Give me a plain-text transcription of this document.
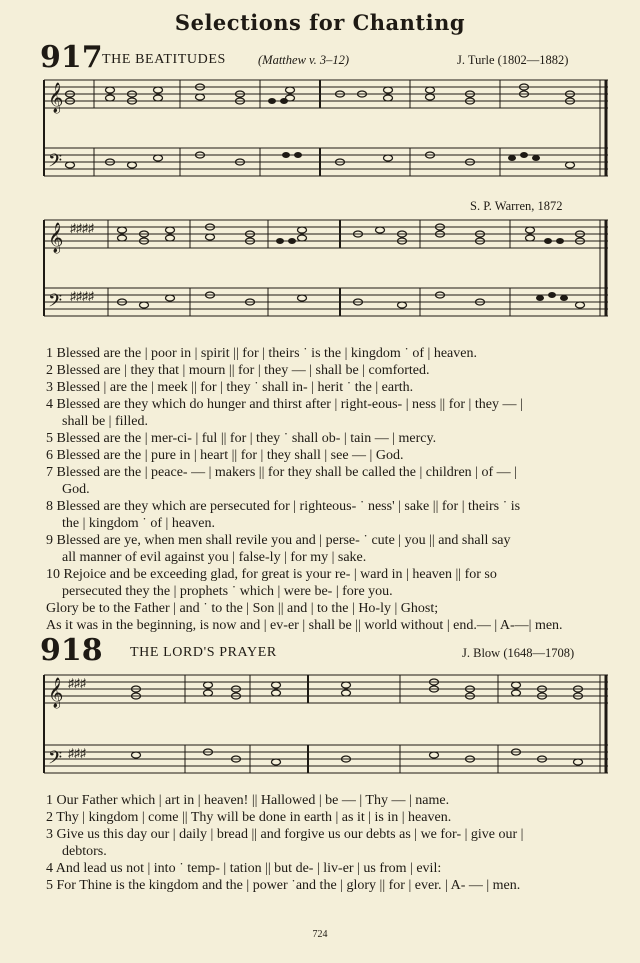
Selections for Chanting
917 THE BEATITUDES	(Matthew v. 3–12)	J. Turle (1802—1882)
S. P. Warren, 1872
𝄞
𝄢
𝄞
𝄢
♯♯♯♯
♯♯♯♯
1 Blessed are the | poor in | spirit || for | theirs ˙ is the | kingdom ˙ of | heaven.
2 Blessed are | they that | mourn || for | they — | shall be | comforted.
3 Blessed | are the | meek || for | they ˙ shall in- | herit ˙ the | earth.
4 Blessed are they which do hunger and thirst after | right-eous- | ness || for | they — |
shall be | filled.
5 Blessed are the | mer-ci- | ful || for | they ˙ shall ob- | tain — | mercy.
6 Blessed are the | pure in | heart || for | they shall | see — | God.
7 Blessed are the | peace- — | makers || for they shall be called the | children | of — |
God.
8 Blessed are they which are persecuted for | righteous- ˙ ness' | sake || for | theirs ˙ is
the | kingdom ˙ of | heaven.
9 Blessed are ye, when men shall revile you and | perse- ˙ cute | you || and shall say
all manner of evil against you | false-ly | for my | sake.
10 Rejoice and be exceeding glad, for great is your re- | ward in | heaven || for so
persecuted they the | prophets ˙ which | were be- | fore you.
Glory be to the Father | and ˙ to the | Son || and | to the | Ho-ly | Ghost;
As it was in the beginning, is now and | ev-er | shall be || world without | end.— | A-—| men.
918 THE LORD'S PRAYER	J. Blow (1648—1708)
𝄞
𝄢
♯♯♯
♯♯♯
1 Our Father which | art in | heaven! || Hallowed | be — | Thy — | name.
2 Thy | kingdom | come || Thy will be done in earth | as it | is in | heaven.
3 Give us this day our | daily | bread || and forgive us our debts as | we for- | give our |
debtors.
4 And lead us not | into ˙ temp- | tation || but de- | liv-er | us from | evil:
5 For Thine is the kingdom and the | power ˙and the | glory || for | ever. | A- — | men.
724
